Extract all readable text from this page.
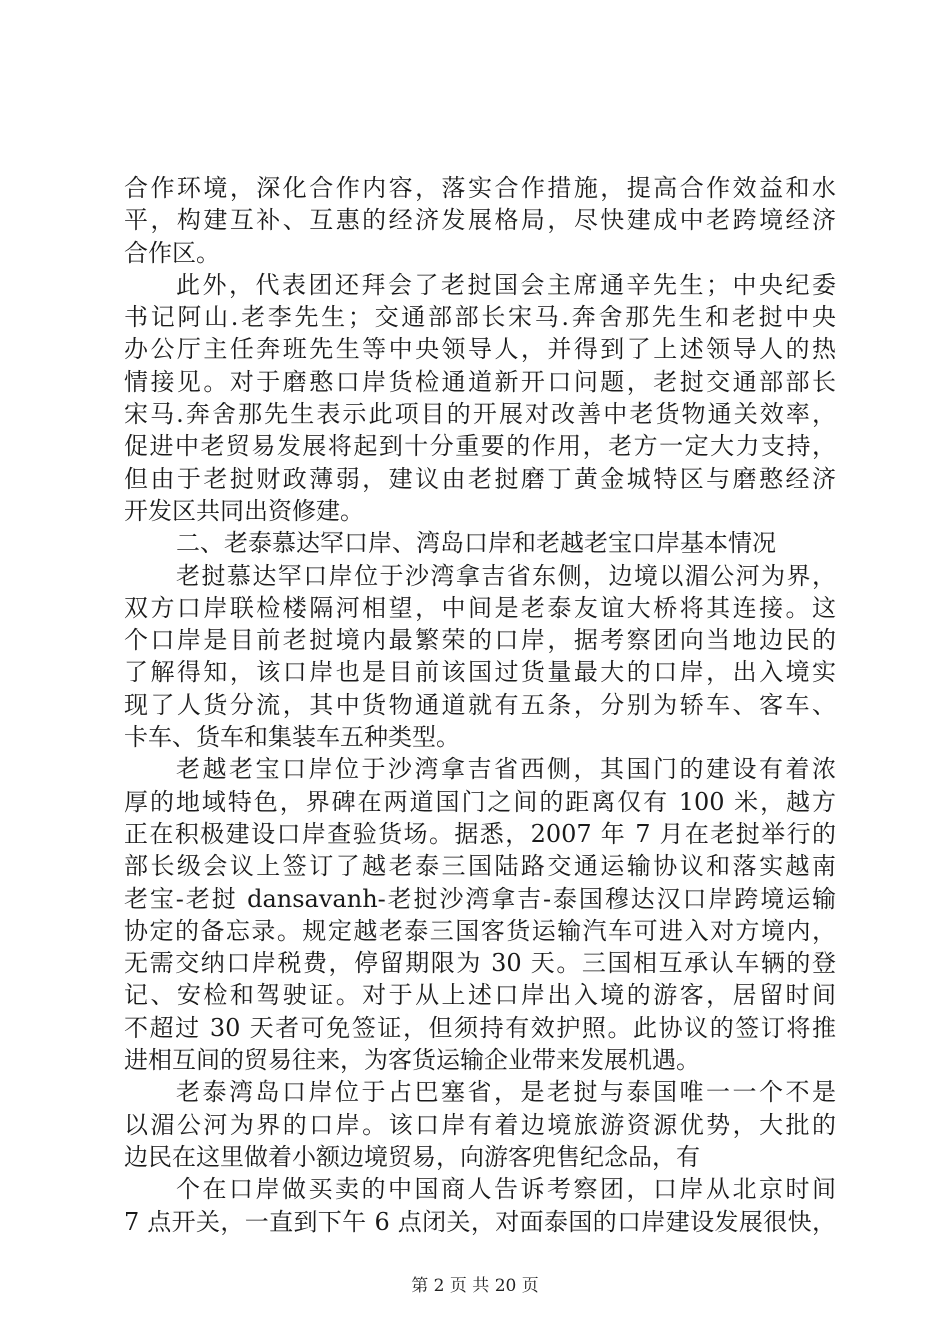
合作环境，深化合作内容，落实合作措施，提高合作效益和水
平，构建互补、互惠的经济发展格局，尽快建成中老跨境经济
合作区。
此外，代表团还拜会了老挝国会主席通辛先生；中央纪委
书记阿山.老李先生；交通部部长宋马.奔舍那先生和老挝中央
办公厅主任奔班先生等中央领导人，并得到了上述领导人的热
情接见。对于磨憨口岸货检通道新开口问题，老挝交通部部长
宋马.奔舍那先生表示此项目的开展对改善中老货物通关效率，
促进中老贸易发展将起到十分重要的作用，老方一定大力支持，
但由于老挝财政薄弱，建议由老挝磨丁黄金城特区与磨憨经济
开发区共同出资修建。
二、老泰慕达罕口岸、湾岛口岸和老越老宝口岸基本情况
老挝慕达罕口岸位于沙湾拿吉省东侧，边境以湄公河为界，
双方口岸联检楼隔河相望，中间是老泰友谊大桥将其连接。这
个口岸是目前老挝境内最繁荣的口岸，据考察团向当地边民的
了解得知，该口岸也是目前该国过货量最大的口岸，出入境实
现了人货分流，其中货物通道就有五条，分别为轿车、客车、
卡车、货车和集装车五种类型。
老越老宝口岸位于沙湾拿吉省西侧，其国门的建设有着浓
厚的地域特色，界碑在两道国门之间的距离仅有 100 米，越方
正在积极建设口岸查验货场。据悉，2007 年 7 月在老挝举行的
部长级会议上签订了越老泰三国陆路交通运输协议和落实越南
老宝-老挝 dansavanh-老挝沙湾拿吉-泰国穆达汉口岸跨境运输
协定的备忘录。规定越老泰三国客货运输汽车可进入对方境内，
无需交纳口岸税费，停留期限为 30 天。三国相互承认车辆的登
记、安检和驾驶证。对于从上述口岸出入境的游客，居留时间
不超过 30 天者可免签证，但须持有效护照。此协议的签订将推
进相互间的贸易往来，为客货运输企业带来发展机遇。
老泰湾岛口岸位于占巴塞省，是老挝与泰国唯一一个不是
以湄公河为界的口岸。该口岸有着边境旅游资源优势，大批的
边民在这里做着小额边境贸易，向游客兜售纪念品，有
个在口岸做买卖的中国商人告诉考察团，口岸从北京时间
7 点开关，一直到下午 6 点闭关，对面泰国的口岸建设发展很快，
第 2 页 共 20 页
